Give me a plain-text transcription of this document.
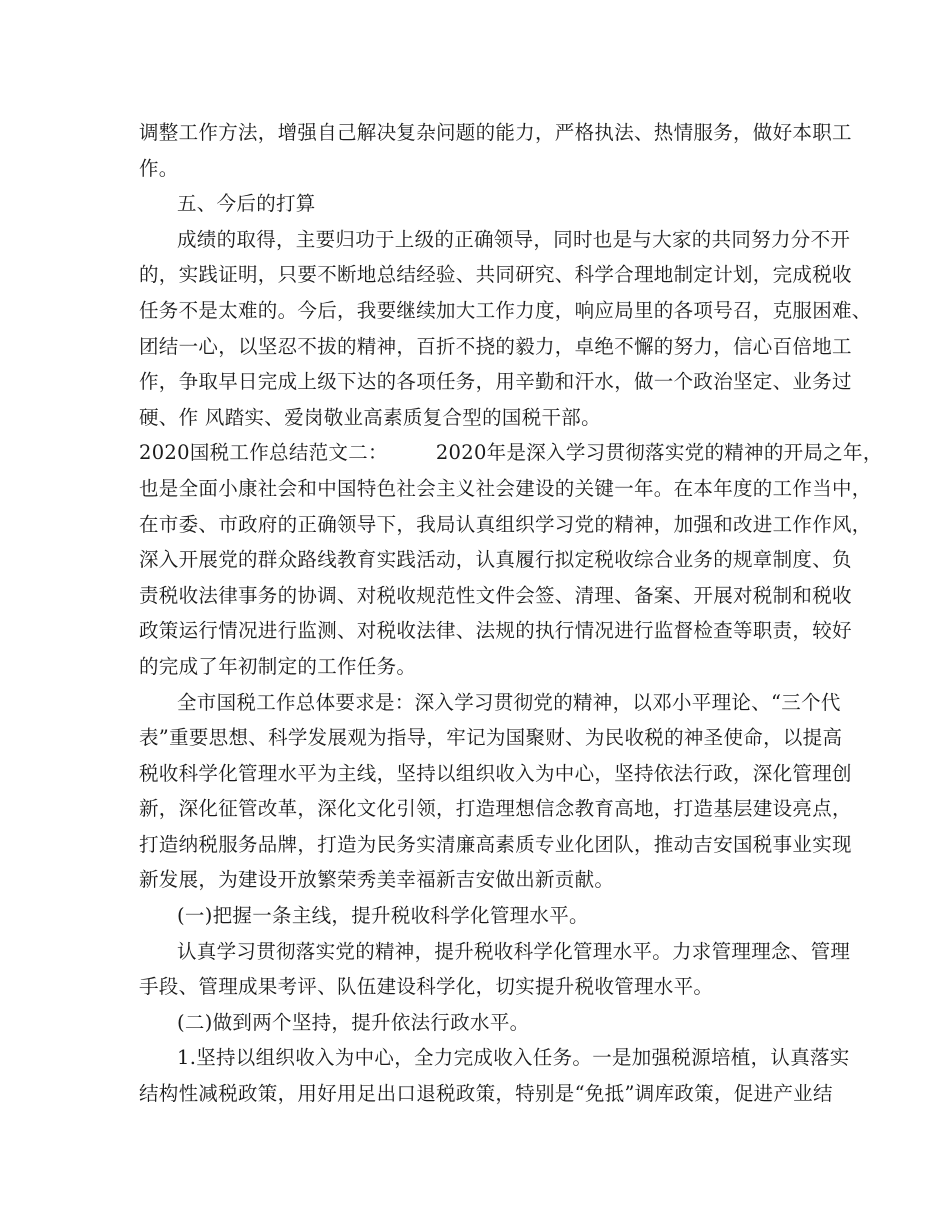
调整工作方法，增强自己解决复杂问题的能力，严格执法、热情服务，做好本职工
作。
五、今后的打算
成绩的取得，主要归功于上级的正确领导，同时也是与大家的共同努力分不开
的，实践证明，只要不断地总结经验、共同研究、科学合理地制定计划，完成税收
任务不是太难的。今后，我要继续加大工作力度，响应局里的各项号召，克服困难、
团结一心，以坚忍不拔的精神，百折不挠的毅力，卓绝不懈的努力，信心百倍地工
作，争取早日完成上级下达的各项任务，用辛勤和汗水，做一个政治坚定、业务过
硬、作 风踏实、爱岗敬业高素质复合型的国税干部。
2020国税工作总结范文二： 2020年是深入学习贯彻落实党的精神的开局之年，
也是全面小康社会和中国特色社会主义社会建设的关键一年。在本年度的工作当中，
在市委、市政府的正确领导下，我局认真组织学习党的精神，加强和改进工作作风，
深入开展党的群众路线教育实践活动，认真履行拟定税收综合业务的规章制度、负
责税收法律事务的协调、对税收规范性文件会签、清理、备案、开展对税制和税收
政策运行情况进行监测、对税收法律、法规的执行情况进行监督检查等职责，较好
的完成了年初制定的工作任务。
全市国税工作总体要求是：深入学习贯彻党的精神，以邓小平理论、“三个代
表”重要思想、科学发展观为指导，牢记为国聚财、为民收税的神圣使命，以提高
税收科学化管理水平为主线，坚持以组织收入为中心，坚持依法行政，深化管理创
新，深化征管改革，深化文化引领，打造理想信念教育高地，打造基层建设亮点，
打造纳税服务品牌，打造为民务实清廉高素质专业化团队，推动吉安国税事业实现
新发展，为建设开放繁荣秀美幸福新吉安做出新贡献。
(一)把握一条主线，提升税收科学化管理水平。
认真学习贯彻落实党的精神，提升税收科学化管理水平。力求管理理念、管理
手段、管理成果考评、队伍建设科学化，切实提升税收管理水平。
(二)做到两个坚持，提升依法行政水平。
1.坚持以组织收入为中心，全力完成收入任务。一是加强税源培植，认真落实
结构性减税政策，用好用足出口退税政策，特别是“免抵”调库政策，促进产业结
